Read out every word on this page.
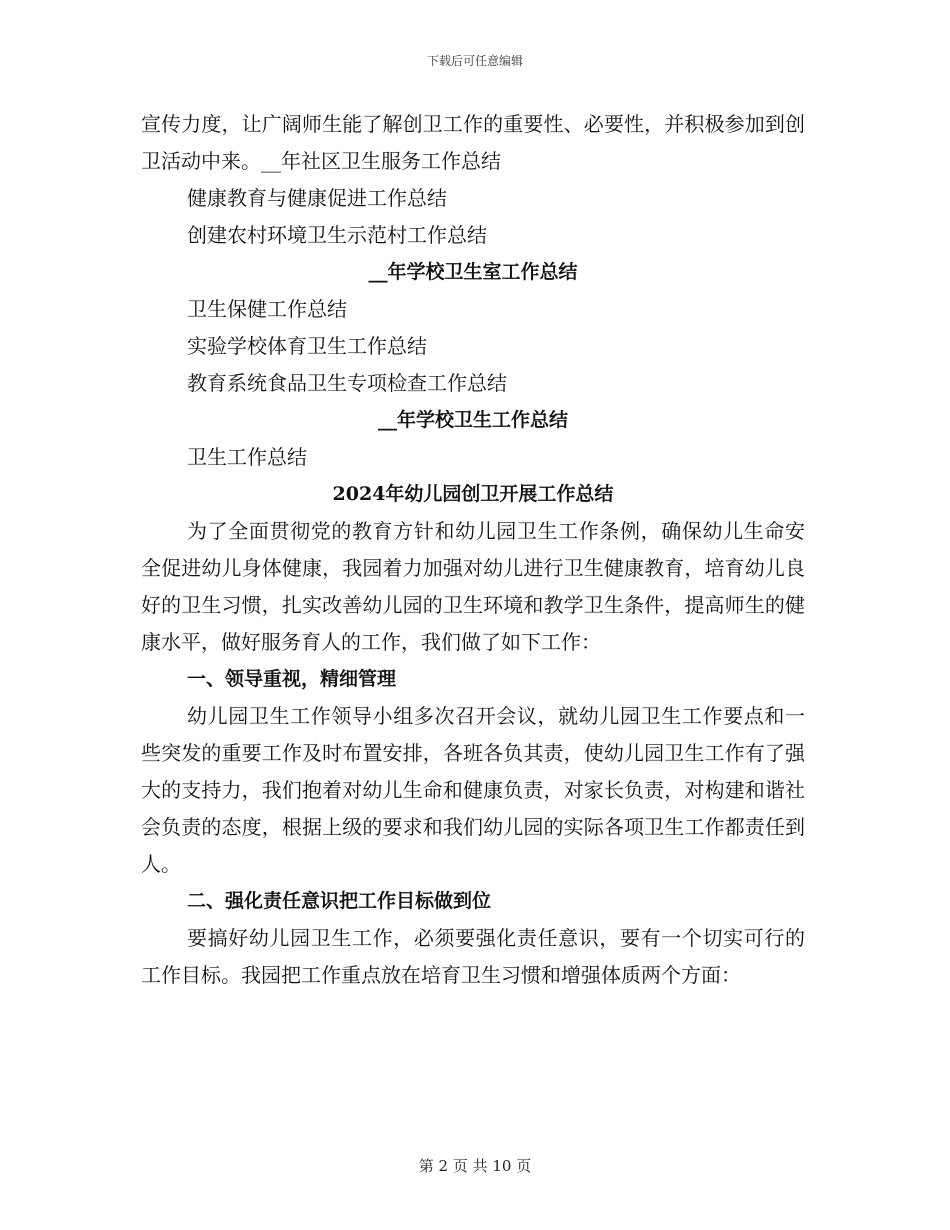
下载后可任意编辑

宣传力度，让广阔师生能了解创卫工作的重要性、必要性，并积极参加到创卫活动中来。__年社区卫生服务工作总结

健康教育与健康促进工作总结

创建农村环境卫生示范村工作总结

__年学校卫生室工作总结

卫生保健工作总结

实验学校体育卫生工作总结

教育系统食品卫生专项检查工作总结

__年学校卫生工作总结

卫生工作总结

2024年幼儿园创卫开展工作总结

为了全面贯彻党的教育方针和幼儿园卫生工作条例，确保幼儿生命安全促进幼儿身体健康，我园着力加强对幼儿进行卫生健康教育，培育幼儿良好的卫生习惯，扎实改善幼儿园的卫生环境和教学卫生条件，提高师生的健康水平，做好服务育人的工作，我们做了如下工作：

一、领导重视，精细管理

幼儿园卫生工作领导小组多次召开会议，就幼儿园卫生工作要点和一些突发的重要工作及时布置安排，各班各负其责，使幼儿园卫生工作有了强大的支持力，我们抱着对幼儿生命和健康负责，对家长负责，对构建和谐社会负责的态度，根据上级的要求和我们幼儿园的实际各项卫生工作都责任到人。

二、强化责任意识把工作目标做到位

要搞好幼儿园卫生工作，必须要强化责任意识，要有一个切实可行的工作目标。我园把工作重点放在培育卫生习惯和增强体质两个方面：

第 2 页 共 10 页
